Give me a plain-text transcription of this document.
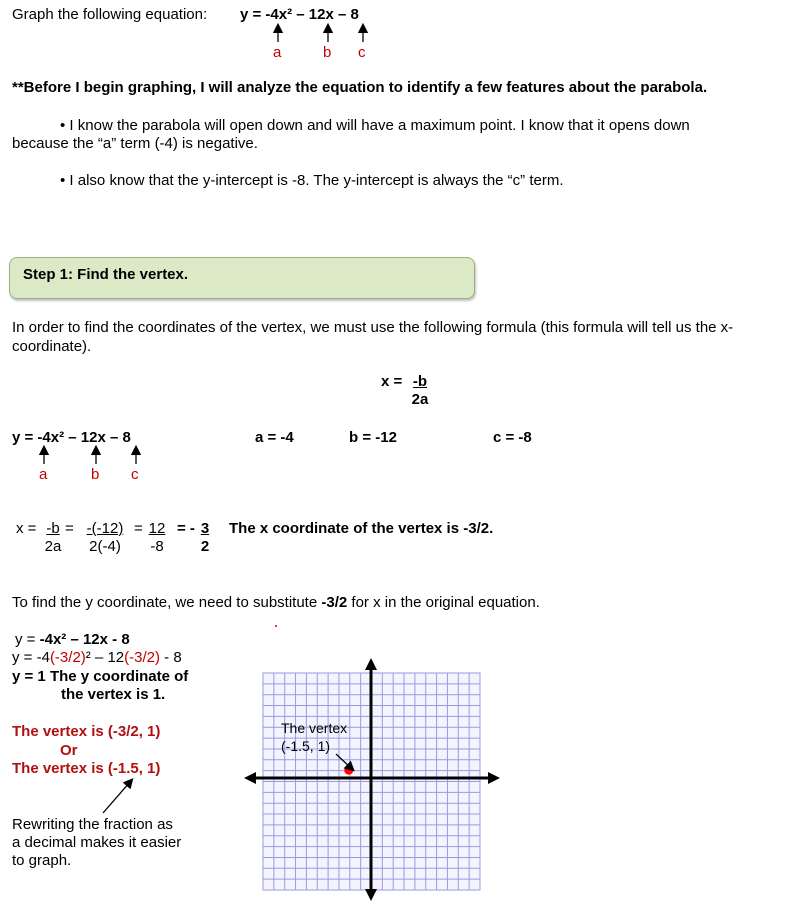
Graph the following equation: y = -4x² – 12x – 8
a	b c
**Before I begin graphing, I will analyze the equation to identify a few features about the parabola.
• I know the parabola will open down and will have a maximum point. I know that it opens down
because the “a” term (-4) is negative.
• I also know that the y-intercept is -8. The y-intercept is always the “c” term.
Step 1: Find the vertex.
In order to find the coordinates of the vertex, we must use the following formula (this formula will tell us the x-
coordinate).
$x = \frac{-b}{2a}$
y = -4x² – 12x – 8	a = -4	b = -12	c = -8
a	b c
$x = \frac{-b}{2a} = \frac{-(-12)}{2(-4)} = \frac{12}{-8}$ = - $\frac{3}{2}$ The x coordinate of the vertex is -3/2.
To find the y coordinate, we need to substitute -3/2 for x in the original equation.
y = -4x² – 12x - 8
y = -4(-3/2)² – 12(-3/2) - 8
y = 1 The y coordinate of
the vertex is 1.
The vertex is (-3/2, 1)
Or
The vertex is (-1.5, 1)
Rewriting the fraction as
a decimal makes it easier
to graph.
The vertex
(-1.5, 1)
